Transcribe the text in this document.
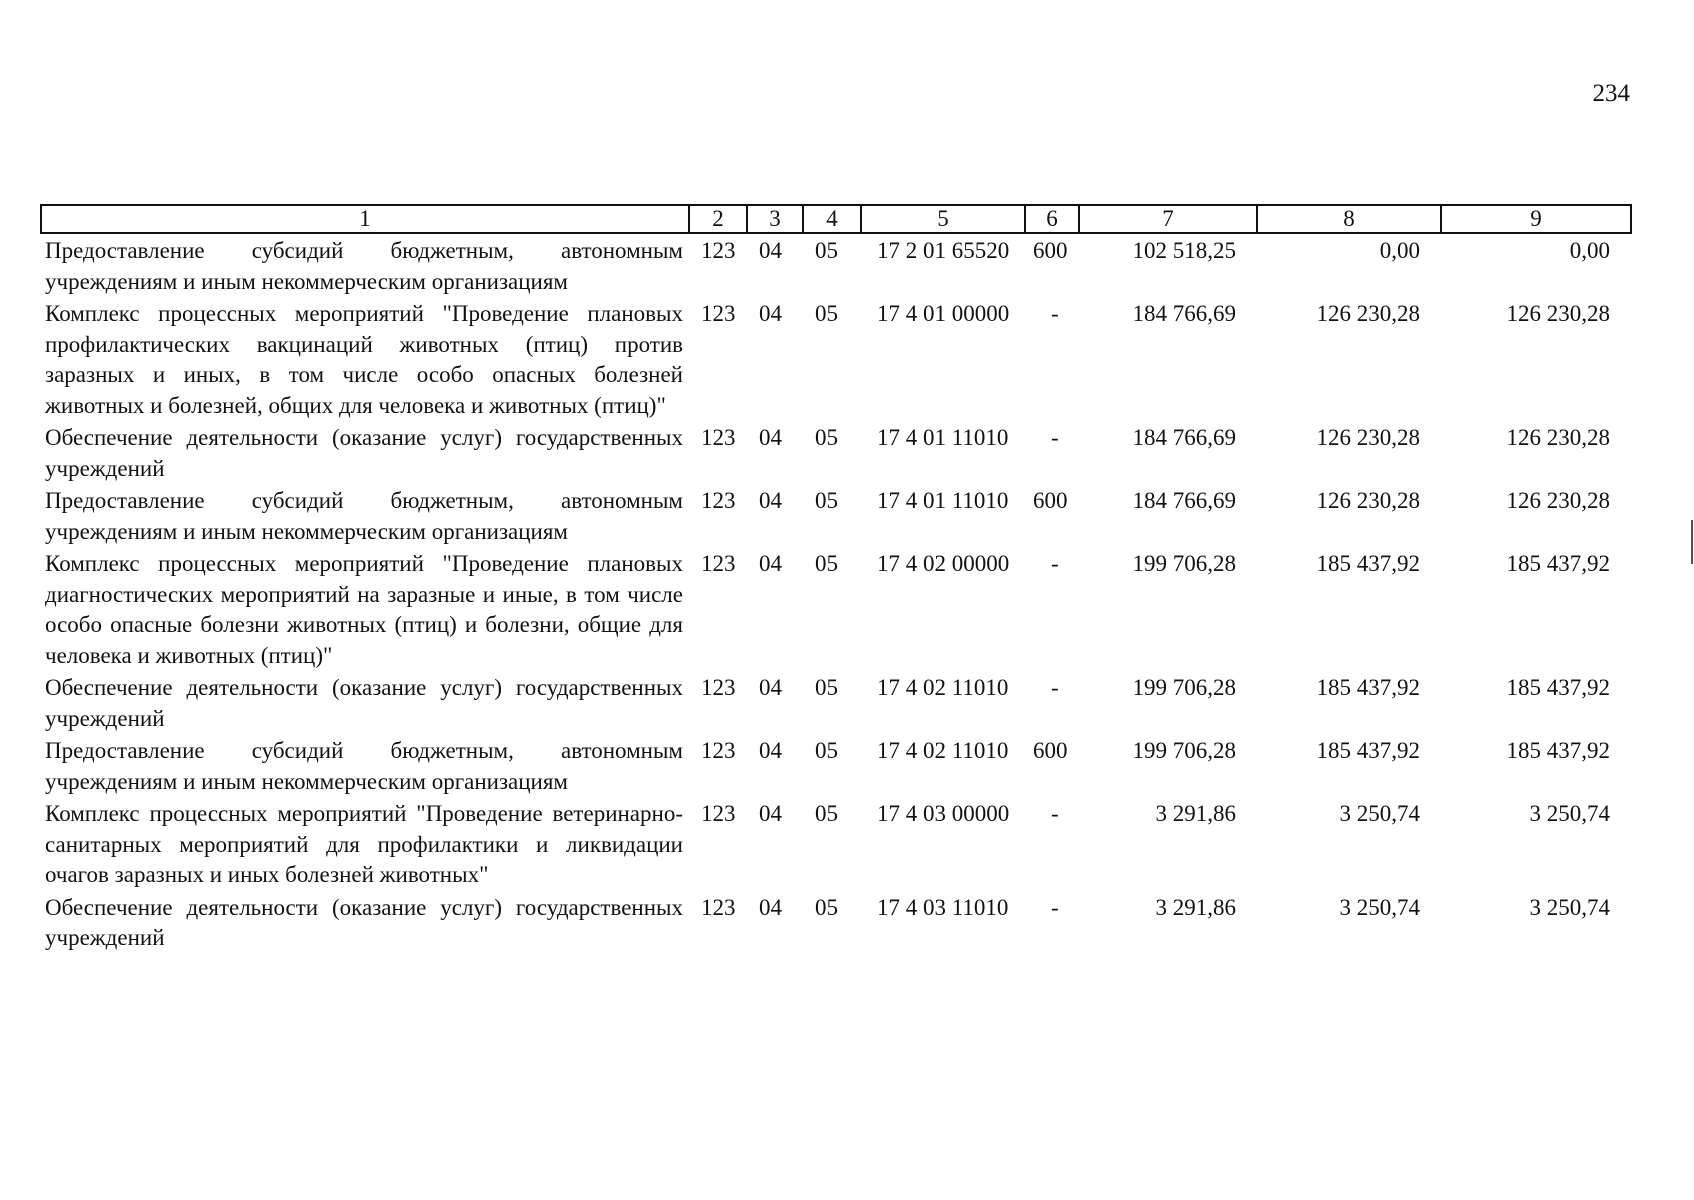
234
1	2	3	4	5	6	7	8	9
Предоставление субсидий бюджетным, автономным учреждениям и иным некоммерческим организациям	123	04	05	17 2 01 65520	600	102 518,25	0,00	0,00
Комплекс процессных мероприятий "Проведение плановых профилактических вакцинаций животных (птиц) против заразных и иных, в том числе особо опасных болезней животных и болезней, общих для человека и животных (птиц)"	123	04	05	17 4 01 00000	-	184 766,69	126 230,28	126 230,28
Обеспечение деятельности (оказание услуг) государственных учреждений	123	04	05	17 4 01 11010	-	184 766,69	126 230,28	126 230,28
Предоставление субсидий бюджетным, автономным учреждениям и иным некоммерческим организациям	123	04	05	17 4 01 11010	600	184 766,69	126 230,28	126 230,28
Комплекс процессных мероприятий "Проведение плановых диагностических мероприятий на заразные и иные, в том числе особо опасные болезни животных (птиц) и болезни, общие для человека и животных (птиц)"	123	04	05	17 4 02 00000	-	199 706,28	185 437,92	185 437,92
Обеспечение деятельности (оказание услуг) государственных учреждений	123	04	05	17 4 02 11010	-	199 706,28	185 437,92	185 437,92
Предоставление субсидий бюджетным, автономным учреждениям и иным некоммерческим организациям	123	04	05	17 4 02 11010	600	199 706,28	185 437,92	185 437,92
Комплекс процессных мероприятий "Проведение ветеринарно-санитарных мероприятий для профилактики и ликвидации очагов заразных и иных болезней животных"	123	04	05	17 4 03 00000	-	3 291,86	3 250,74	3 250,74
Обеспечение деятельности (оказание услуг) государственных учреждений	123	04	05	17 4 03 11010	-	3 291,86	3 250,74	3 250,74
